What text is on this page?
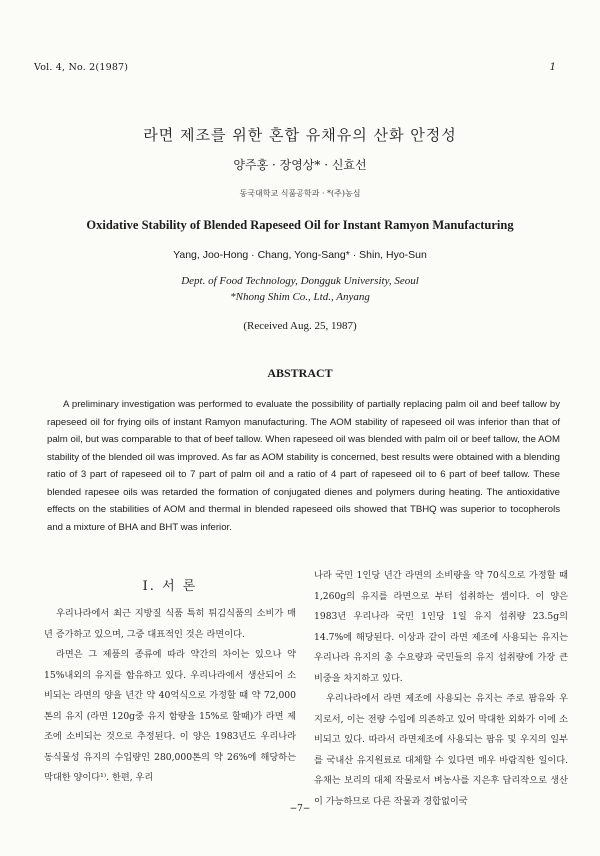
Vol. 4, No. 2(1987)	1
라면 제조를 위한 혼합 유채유의 산화 안정성
양주홍 · 장영상* · 신효선
동국대학교 식품공학과 · *(주)농심
Oxidative Stability of Blended Rapeseed Oil for Instant Ramyon Manufacturing
Yang, Joo-Hong · Chang, Yong-Sang* · Shin, Hyo-Sun
Dept. of Food Technology, Dongguk University, Seoul
*Nhong Shim Co., Ltd., Anyang
(Received Aug. 25, 1987)
ABSTRACT
A preliminary investigation was performed to evaluate the possibility of partially replacing palm oil and beef tallow by rapeseed oil for frying oils of instant Ramyon manufacturing. The AOM stability of rapeseed oil was inferior than that of palm oil, but was comparable to that of beef tallow. When rapeseed oil was blended with palm oil or beef tallow, the AOM stability of the blended oil was improved. As far as AOM stability is concerned, best results were obtained with a blending ratio of 3 part of rapeseed oil to 7 part of palm oil and a ratio of 4 part of rapeseed oil to 6 part of beef tallow. These blended rapesee oils was retarded the formation of conjugated dienes and polymers during heating. The antioxidative effects on the stabilities of AOM and thermal in blended rapeseed oils showed that TBHQ was superior to tocopherols and a mixture of BHA and BHT was inferior.
I. 서 론

우리나라에서 최근 지방질 식품 특히 튀김식품의 소비가 매년 증가하고 있으며, 그중 대표적인 것은 라면이다.

라면은 그 제품의 종류에 따라 약간의 차이는 있으나 약 15%내외의 유지를 함유하고 있다. 우리나라에서 생산되어 소비되는 라면의 양을 년간 약 40억식으로 가정할 때 약 72,000톤의 유지 (라면 120g중 유지 함량을 15%로 할때)가 라면 제조에 소비되는 것으로 추정된다. 이 양은 1983년도 우리나라 동식물성 유지의 수입량인 280,000톤의 약 26%에 해당하는 막대한 양이다¹⁾. 한편, 우리

나라 국민 1인당 년간 라면의 소비량을 약 70식으로 가정할 때 1,260g의 유지를 라면으로 부터 섭취하는 셈이다. 이 양은 1983년 우리나라 국민 1인당 1일 유지 섭취량 23.5g의 14.7%에 해당된다. 이상과 같이 라면 제조에 사용되는 유지는 우리나라 유지의 총 수요량과 국민들의 유지 섭취량에 가장 큰 비중을 차지하고 있다.

우리나라에서 라면 제조에 사용되는 유지는 주로 팜유와 우지로서, 이는 전량 수입에 의존하고 있어 막대한 외화가 이에 소비되고 있다. 따라서 라면제조에 사용되는 팜유 및 우지의 일부를 국내산 유지원료로 대체할 수 있다면 매우 바람직한 일이다. 유채는 보리의 대체 작물로서 벼농사를 지은후 답리작으로 생산이 가능하므로 다른 작물과 경합없이국

−7−
